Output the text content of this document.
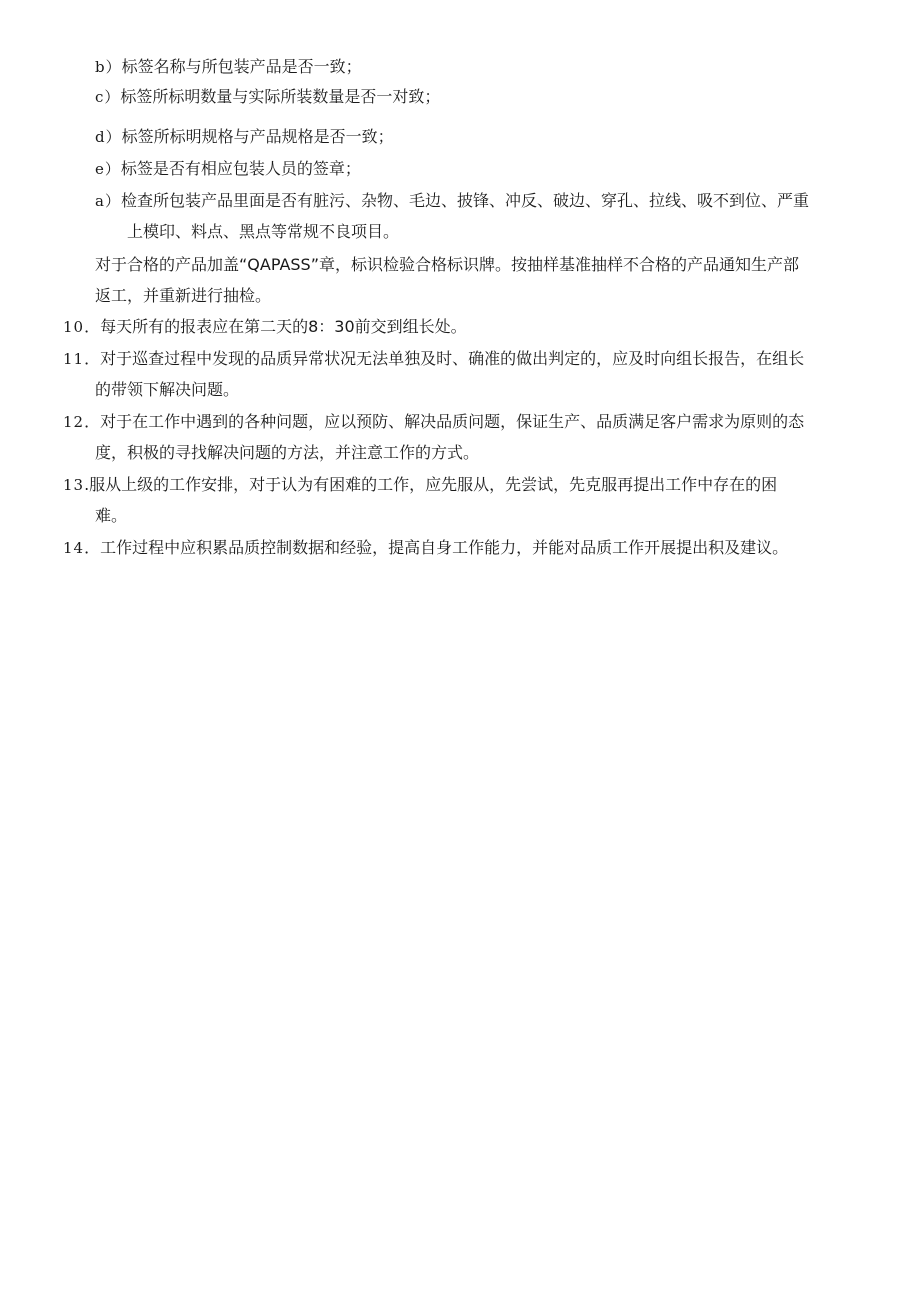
b）标签名称与所包装产品是否一致；
c）标签所标明数量与实际所装数量是否一对致；
d）标签所标明规格与产品规格是否一致；
e）标签是否有相应包装人员的签章；
a）检查所包装产品里面是否有脏污、杂物、毛边、披锋、冲反、破边、穿孔、拉线、吸不到位、严重
上模印、料点、黑点等常规不良项目。
对于合格的产品加盖“QAPASS”章，标识检验合格标识牌。按抽样基准抽样不合格的产品通知生产部
返工，并重新进行抽检。
10．每天所有的报表应在第二天的8：30前交到组长处。
11．对于巡查过程中发现的品质异常状况无法单独及时、确准的做出判定的，应及时向组长报告，在组长
的带领下解决问题。
12．对于在工作中遇到的各种问题，应以预防、解决品质问题，保证生产、品质满足客户需求为原则的态
度，积极的寻找解决问题的方法，并注意工作的方式。
13.服从上级的工作安排，对于认为有困难的工作，应先服从，先尝试，先克服再提出工作中存在的困
难。
14．工作过程中应积累品质控制数据和经验，提高自身工作能力，并能对品质工作开展提出积及建议。
